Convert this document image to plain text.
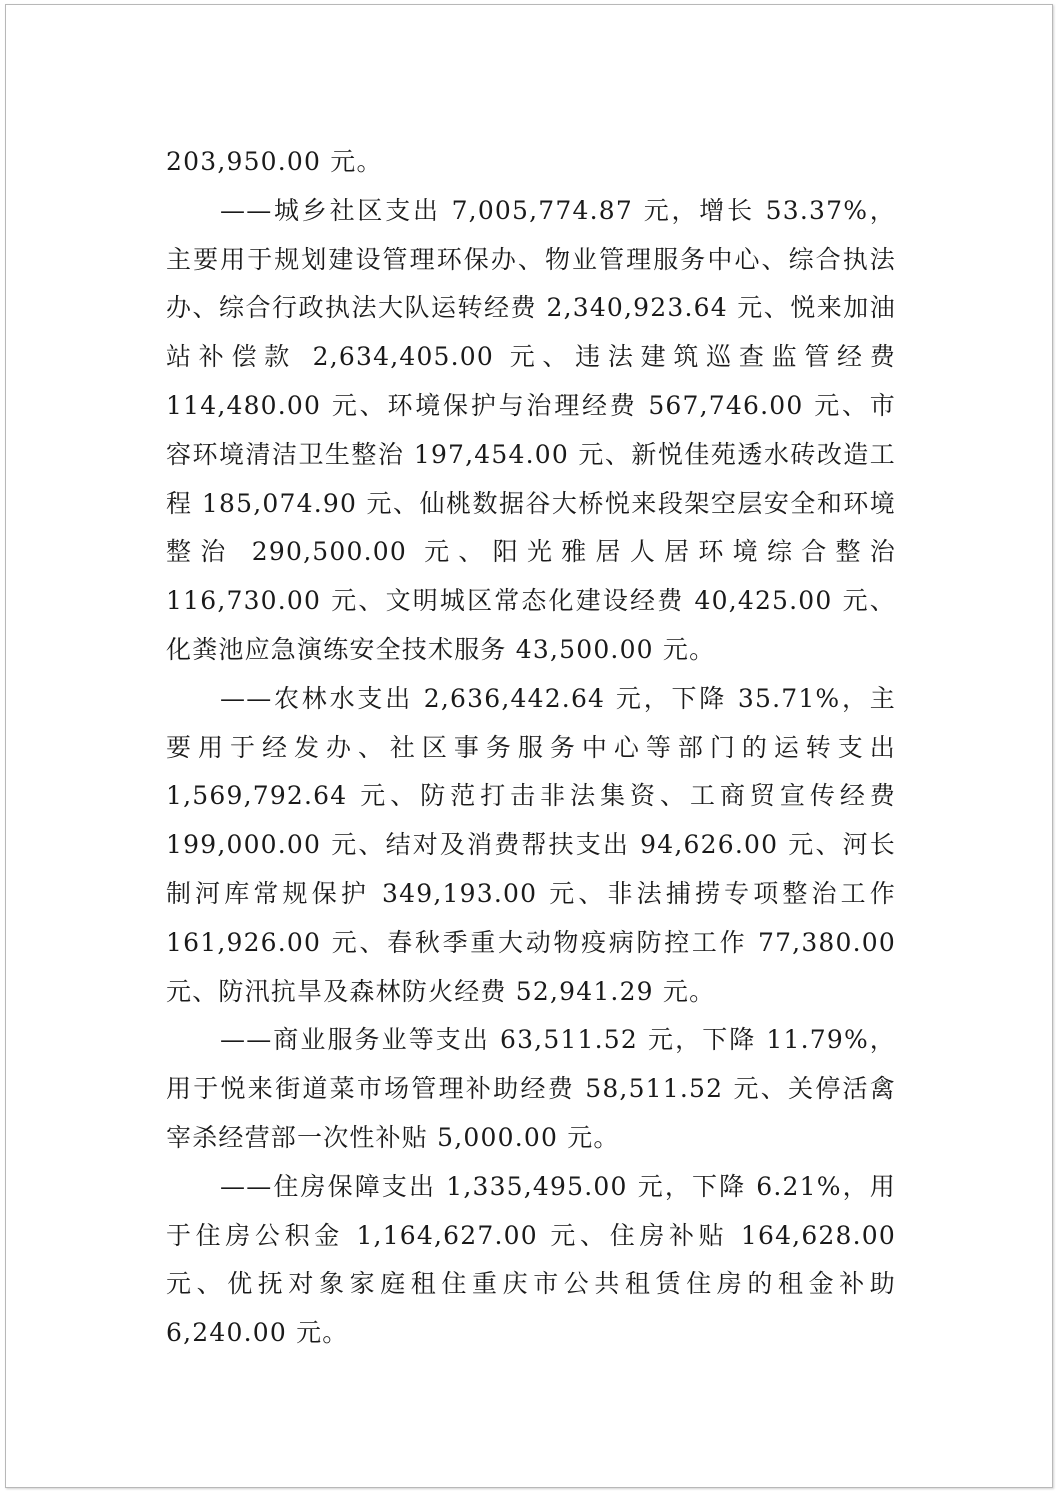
203,950.00 元。

——城乡社区支出 7,005,774.87 元，增长 53.37%，主要用于规划建设管理环保办、物业管理服务中心、综合执法办、综合行政执法大队运转经费 2,340,923.64 元、悦来加油站补偿款 2,634,405.00 元、违法建筑巡查监管经费 114,480.00 元、环境保护与治理经费 567,746.00 元、市容环境清洁卫生整治 197,454.00 元、新悦佳苑透水砖改造工程 185,074.90 元、仙桃数据谷大桥悦来段架空层安全和环境整治 290,500.00 元、阳光雅居人居环境综合整治 116,730.00 元、文明城区常态化建设经费 40,425.00 元、化粪池应急演练安全技术服务 43,500.00 元。

——农林水支出 2,636,442.64 元，下降 35.71%，主要用于经发办、社区事务服务中心等部门的运转支出 1,569,792.64 元、防范打击非法集资、工商贸宣传经费 199,000.00 元、结对及消费帮扶支出 94,626.00 元、河长制河库常规保护 349,193.00 元、非法捕捞专项整治工作 161,926.00 元、春秋季重大动物疫病防控工作 77,380.00 元、防汛抗旱及森林防火经费 52,941.29 元。

——商业服务业等支出 63,511.52 元，下降 11.79%，用于悦来街道菜市场管理补助经费 58,511.52 元、关停活禽宰杀经营部一次性补贴 5,000.00 元。

——住房保障支出 1,335,495.00 元，下降 6.21%，用于住房公积金 1,164,627.00 元、住房补贴 164,628.00 元、优抚对象家庭租住重庆市公共租赁住房的租金补助 6,240.00 元。
